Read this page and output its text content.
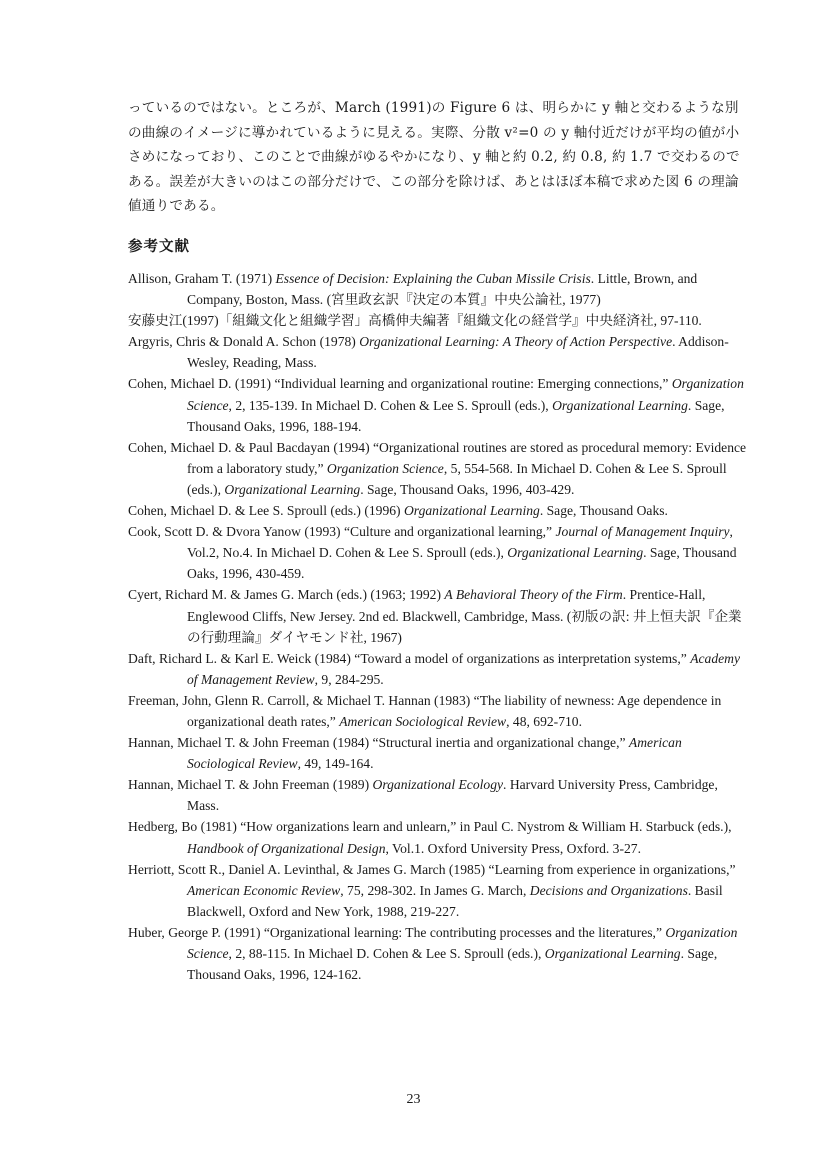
っているのではない。ところが、March (1991)の Figure 6 は、明らかに y 軸と交わるような別の曲線のイメージに導かれているように見える。実際、分散 v²=0 の y 軸付近だけが平均の値が小さめになっており、このことで曲線がゆるやかになり、y 軸と約 0.2, 約 0.8, 約 1.7 で交わるのである。誤差が大きいのはこの部分だけで、この部分を除けば、あとはほぼ本稿で求めた図 6 の理論値通りである。

参考文献
Allison, Graham T. (1971) Essence of Decision: Explaining the Cuban Missile Crisis. Little, Brown, and Company, Boston, Mass. (宮里政玄訳『決定の本質』中央公論社, 1977)
安藤史江(1997)「組織文化と組織学習」高橋伸夫編著『組織文化の経営学』中央経済社, 97-110.
Argyris, Chris & Donald A. Schon (1978) Organizational Learning: A Theory of Action Perspective. Addison-Wesley, Reading, Mass.
Cohen, Michael D. (1991) “Individual learning and organizational routine: Emerging connections,” Organization Science, 2, 135-139. In Michael D. Cohen & Lee S. Sproull (eds.), Organizational Learning. Sage, Thousand Oaks, 1996, 188-194.
Cohen, Michael D. & Paul Bacdayan (1994) “Organizational routines are stored as procedural memory: Evidence from a laboratory study,” Organization Science, 5, 554-568. In Michael D. Cohen & Lee S. Sproull (eds.), Organizational Learning. Sage, Thousand Oaks, 1996, 403-429.
Cohen, Michael D. & Lee S. Sproull (eds.) (1996) Organizational Learning. Sage, Thousand Oaks.
Cook, Scott D. & Dvora Yanow (1993) “Culture and organizational learning,” Journal of Management Inquiry, Vol.2, No.4. In Michael D. Cohen & Lee S. Sproull (eds.), Organizational Learning. Sage, Thousand Oaks, 1996, 430-459.
Cyert, Richard M. & James G. March (eds.) (1963; 1992) A Behavioral Theory of the Firm. Prentice-Hall, Englewood Cliffs, New Jersey. 2nd ed. Blackwell, Cambridge, Mass. (初版の訳: 井上恒夫訳『企業の行動理論』ダイヤモンド社, 1967)
Daft, Richard L. & Karl E. Weick (1984) “Toward a model of organizations as interpretation systems,” Academy of Management Review, 9, 284-295.
Freeman, John, Glenn R. Carroll, & Michael T. Hannan (1983) “The liability of newness: Age dependence in organizational death rates,” American Sociological Review, 48, 692-710.
Hannan, Michael T. & John Freeman (1984) “Structural inertia and organizational change,” American Sociological Review, 49, 149-164.
Hannan, Michael T. & John Freeman (1989) Organizational Ecology. Harvard University Press, Cambridge, Mass.
Hedberg, Bo (1981) “How organizations learn and unlearn,” in Paul C. Nystrom & William H. Starbuck (eds.), Handbook of Organizational Design, Vol.1. Oxford University Press, Oxford. 3-27.
Herriott, Scott R., Daniel A. Levinthal, & James G. March (1985) “Learning from experience in organizations,” American Economic Review, 75, 298-302. In James G. March, Decisions and Organizations. Basil Blackwell, Oxford and New York, 1988, 219-227.
Huber, George P. (1991) “Organizational learning: The contributing processes and the literatures,” Organization Science, 2, 88-115. In Michael D. Cohen & Lee S. Sproull (eds.), Organizational Learning. Sage, Thousand Oaks, 1996, 124-162.
23
